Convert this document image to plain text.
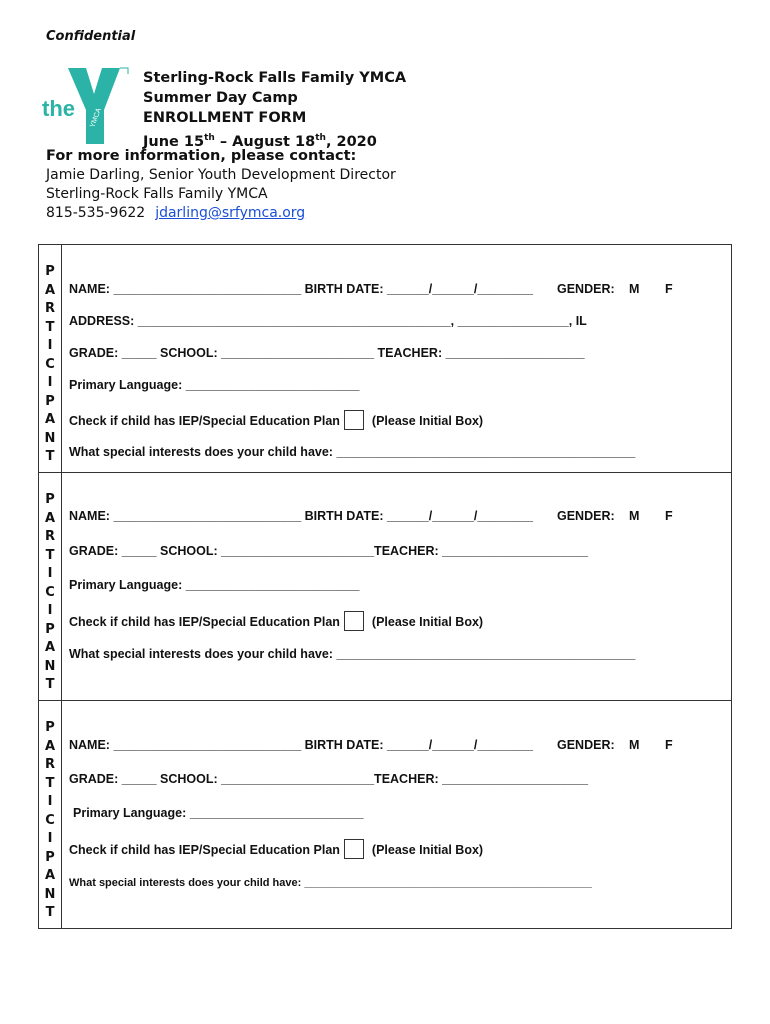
Confidential
the YMCA
Sterling-Rock Falls Family YMCA
Summer Day Camp
ENROLLMENT FORM
June 15th – August 18th, 2020
For more information, please contact:
Jamie Darling, Senior Youth Development Director
Sterling-Rock Falls Family YMCA
815-535-9622 jdarling@srfymca.org
P
A
R
T
I
C
I
P
A
N
T
NAME: ___________________________ BIRTH DATE: ______/______/________ GENDER: M F
ADDRESS: _____________________________________________, ________________, IL
GRADE: _____ SCHOOL: ______________________ TEACHER: ____________________
Primary Language: _________________________
Check if child has IEP/Special Education Plan	(Please Initial Box)
What special interests does your child have: ___________________________________________
P
A
R
T
I
C
I
P
A
N
T
NAME: ___________________________ BIRTH DATE: ______/______/________ GENDER: M F
GRADE: _____ SCHOOL: ______________________TEACHER: _____________________
Primary Language: _________________________
Check if child has IEP/Special Education Plan	(Please Initial Box)
What special interests does your child have: ___________________________________________
P
A
R
T
I
C
I
P
A
N
T
NAME: ___________________________ BIRTH DATE: ______/______/________ GENDER: M F
GRADE: _____ SCHOOL: ______________________TEACHER: _____________________
Primary Language: _________________________
Check if child has IEP/Special Education Plan	(Please Initial Box)
What special interests does your child have: _______________________________________________
